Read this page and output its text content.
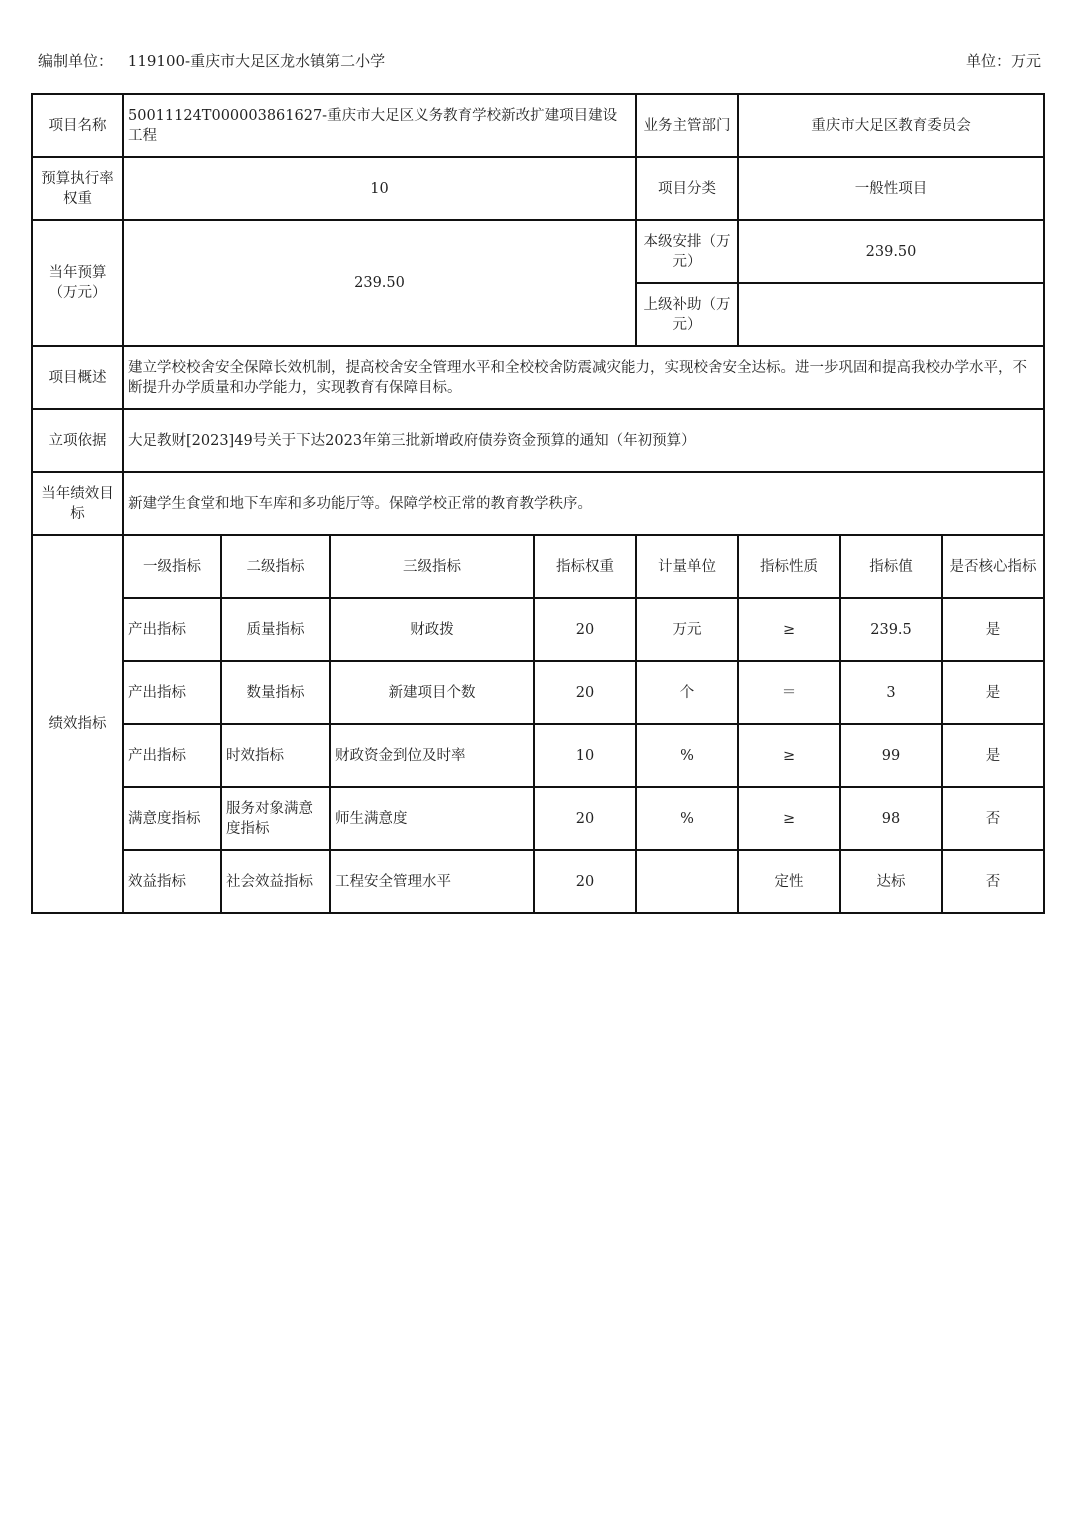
编制单位： 119100-重庆市大足区龙水镇第二小学	单位：万元
项目名称	50011124T000003861627-重庆市大足区义务教育学校新改扩建项目建设工程				业务主管部门	重庆市大足区教育委员会		
预算执行率权重	10				项目分类	一般性项目		
当年预算（万元）	239.50				本级安排（万元）	239.50		
					上级补助（万元）			
项目概述	建立学校校舍安全保障长效机制，提高校舍安全管理水平和全校校舍防震减灾能力，实现校舍安全达标。进一步巩固和提高我校办学水平，不断提升办学质量和办学能力，实现教育有保障目标。							
立项依据	大足教财[2023]49号关于下达2023年第三批新增政府债券资金预算的通知（年初预算）							
当年绩效目标	新建学生食堂和地下车库和多功能厅等。保障学校正常的教育教学秩序。							
绩效指标	一级指标	二级指标	三级指标	指标权重	计量单位	指标性质	指标值	是否核心指标
	产出指标	质量指标	财政拨	20	万元	≥	239.5	是
	产出指标	数量指标	新建项目个数	20	个	＝	3	是
	产出指标	时效指标	财政资金到位及时率	10	%	≥	99	是
	满意度指标	服务对象满意度指标	师生满意度	20	%	≥	98	否
	效益指标	社会效益指标	工程安全管理水平	20		定性	达标	否
